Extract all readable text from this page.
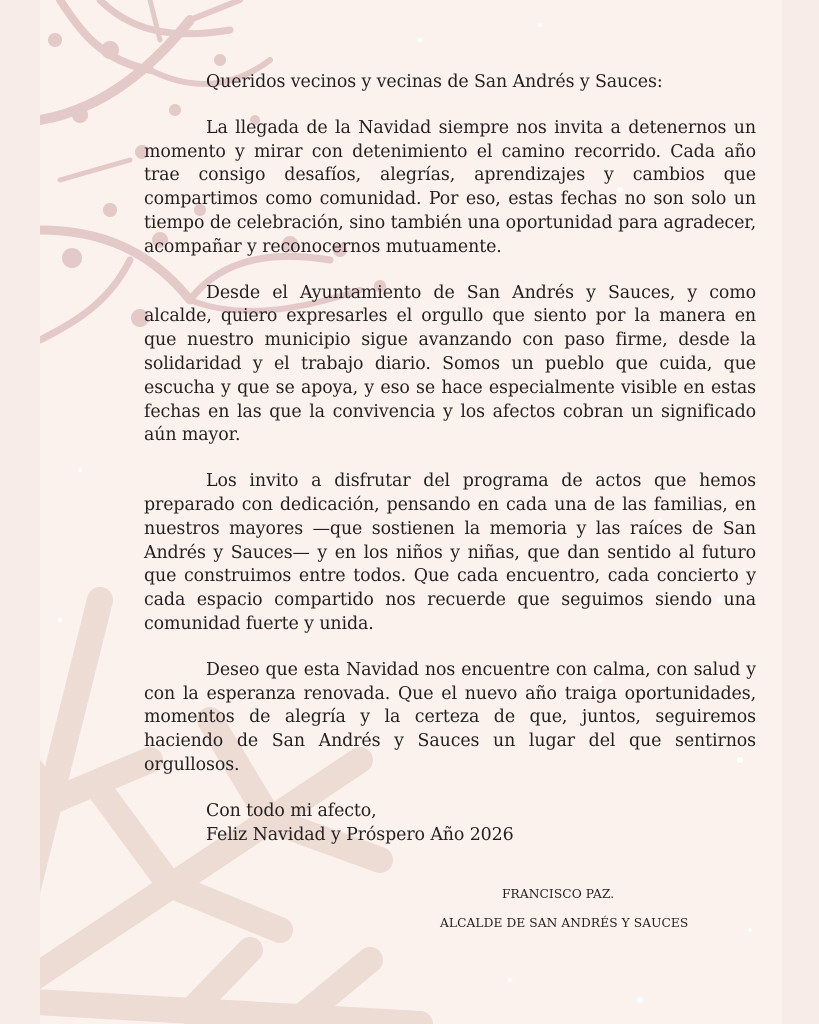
Queridos vecinos y vecinas de San Andrés y Sauces:

La llegada de la Navidad siempre nos invita a detenernos un momento y mirar con detenimiento el camino recorrido. Cada año trae consigo desafíos, alegrías, aprendizajes y cambios que compartimos como comunidad. Por eso, estas fechas no son solo un tiempo de celebración, sino también una oportunidad para agradecer, acompañar y reconocernos mutuamente.

Desde el Ayuntamiento de San Andrés y Sauces, y como alcalde, quiero expresarles el orgullo que siento por la manera en que nuestro municipio sigue avanzando con paso firme, desde la solidaridad y el trabajo diario. Somos un pueblo que cuida, que escucha y que se apoya, y eso se hace especialmente visible en estas fechas en las que la convivencia y los afectos cobran un significado aún mayor.

Los invito a disfrutar del programa de actos que hemos preparado con dedicación, pensando en cada una de las familias, en nuestros mayores —que sostienen la memoria y las raíces de San Andrés y Sauces— y en los niños y niñas, que dan sentido al futuro que construimos entre todos. Que cada encuentro, cada concierto y cada espacio compartido nos recuerde que seguimos siendo una comunidad fuerte y unida.

Deseo que esta Navidad nos encuentre con calma, con salud y con la esperanza renovada. Que el nuevo año traiga oportunidades, momentos de alegría y la certeza de que, juntos, seguiremos haciendo de San Andrés y Sauces un lugar del que sentirnos orgullosos.

Con todo mi afecto,
Feliz Navidad y Próspero Año 2026
FRANCISCO PAZ.
ALCALDE DE SAN ANDRÉS Y SAUCES
